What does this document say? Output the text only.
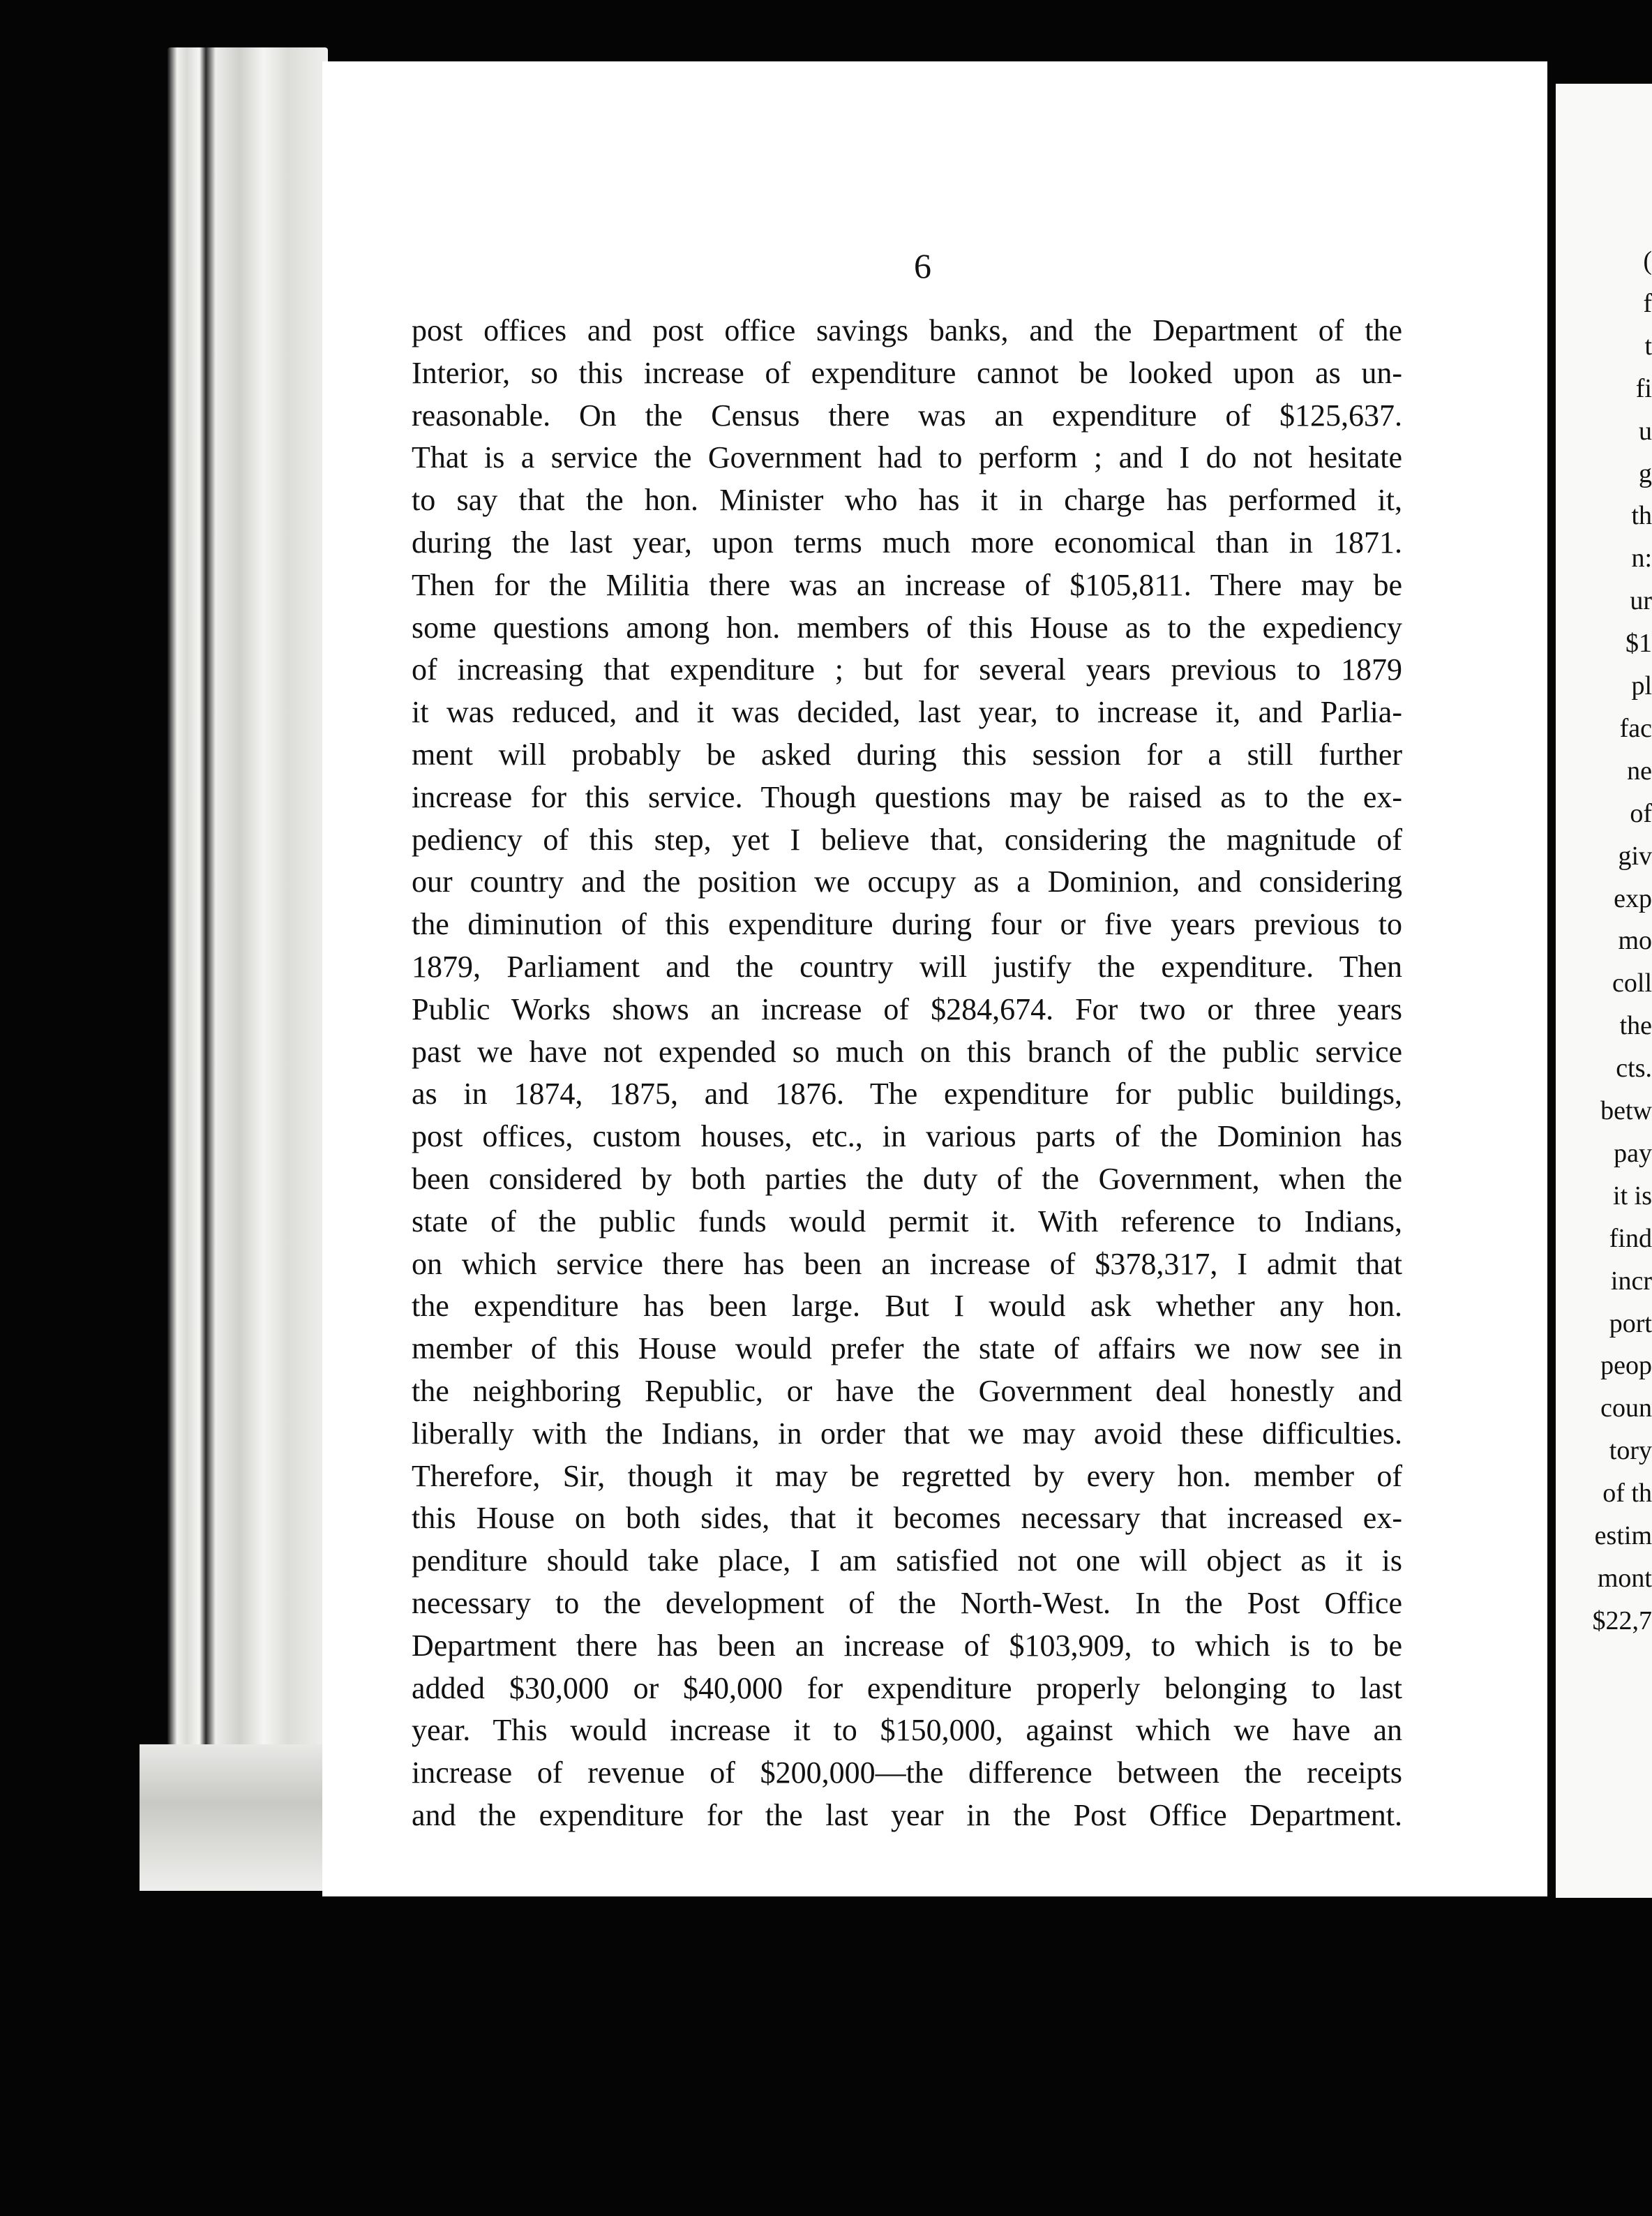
6
post offices and post office savings banks, and the Department of the
Interior, so this increase of expenditure cannot be looked upon as un-
reasonable. On the Census there was an expenditure of $125,637.
That is a service the Government had to perform ; and I do not hesitate
to say that the hon. Minister who has it in charge has performed it,
during the last year, upon terms much more economical than in 1871.
Then for the Militia there was an increase of $105,811. There may be
some questions among hon. members of this House as to the expediency
of increasing that expenditure ; but for several years previous to 1879
it was reduced, and it was decided, last year, to increase it, and Parlia-
ment will probably be asked during this session for a still further
increase for this service. Though questions may be raised as to the ex-
pediency of this step, yet I believe that, considering the magnitude of
our country and the position we occupy as a Dominion, and considering
the diminution of this expenditure during four or five years previous to
1879, Parliament and the country will justify the expenditure. Then
Public Works shows an increase of $284,674. For two or three years
past we have not expended so much on this branch of the public service
as in 1874, 1875, and 1876. The expenditure for public buildings,
post offices, custom houses, etc., in various parts of the Dominion has
been considered by both parties the duty of the Government, when the
state of the public funds would permit it. With reference to Indians,
on which service there has been an increase of $378,317, I admit that
the expenditure has been large. But I would ask whether any hon.
member of this House would prefer the state of affairs we now see in
the neighboring Republic, or have the Government deal honestly and
liberally with the Indians, in order that we may avoid these difficulties.
Therefore, Sir, though it may be regretted by every hon. member of
this House on both sides, that it becomes necessary that increased ex-
penditure should take place, I am satisfied not one will object as it is
necessary to the development of the North-West. In the Post Office
Department there has been an increase of $103,909, to which is to be
added $30,000 or $40,000 for expenditure properly belonging to last
year. This would increase it to $150,000, against which we have an
increase of revenue of $200,000—the difference between the receipts
and the expenditure for the last year in the Post Office Department.
(
f
t
fi
u
g
th
n:
ur
$1
pl
fac
ne
of
giv
exp
mo
coll
the
cts.
betw
pay
it is
find
incr
port
peop
coun
tory
of th
estim
mont
$22,7
